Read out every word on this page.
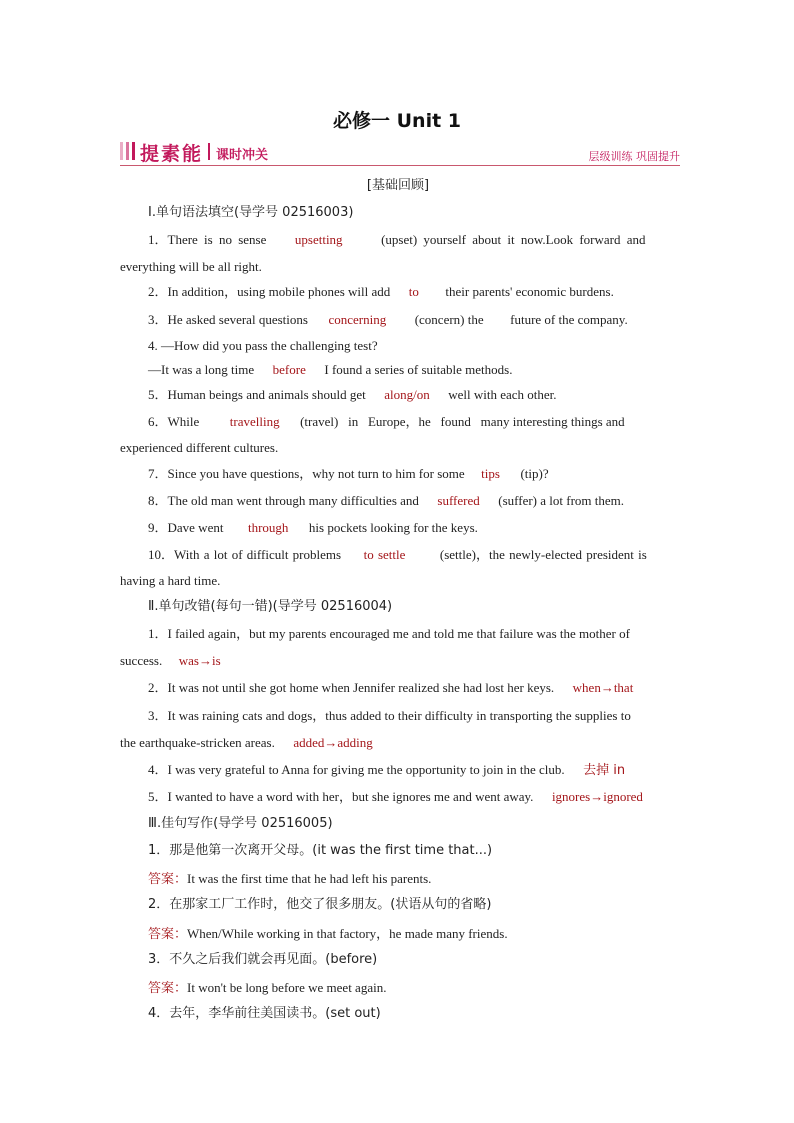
必修一 Unit 1
提素能 课时冲关	层级训练 巩固提升
[基础回顾]
Ⅰ.单句语法填空(导学号 02516003)
1．There is no sense upsetting	(upset) yourself about it now.Look forward and
everything will be all right.
2．In addition，using mobile phones will add to their parents' economic burdens.
3．He asked several questions concerning (concern) the future of the company.
4. —How did you pass the challenging test?
—It was a long time before I found a series of suitable methods.
5．Human beings and animals should get along/on well with each other.
6．While travelling (travel)   in   Europe，he   found   many interesting things and
experienced different cultures.
7．Since you have questions，why not turn to him for some tips (tip)?
8．The old man went through many difficulties and suffered (suffer) a lot from them.
9．Dave went through his pockets looking for the keys.
10．With a lot of difficult problems to settle	(settle)，the newly-elected president is
having a hard time.
Ⅱ.单句改错(每句一错)(导学号 02516004)
1．I failed again，but my parents encouraged me and told me that failure was the mother of
success. was→is
2．It was not until she got home when Jennifer realized she had lost her keys. when→that
3．It was raining cats and dogs，thus added to their difficulty in transporting the supplies to
the earthquake-stricken areas. added→adding
4．I was very grateful to Anna for giving me the opportunity to join in the club. 去掉 in
5．I wanted to have a word with her，but she ignores me and went away. ignores→ignored
Ⅲ.佳句写作(导学号 02516005)
1．那是他第一次离开父母。(it was the first time that...)
答案：It was the first time that he had left his parents.
2．在那家工厂工作时，他交了很多朋友。(状语从句的省略)
答案：When/While working in that factory，he made many friends.
3．不久之后我们就会再见面。(before)
答案：It won't be long before we meet again.
4．去年，李华前往美国读书。(set out)
